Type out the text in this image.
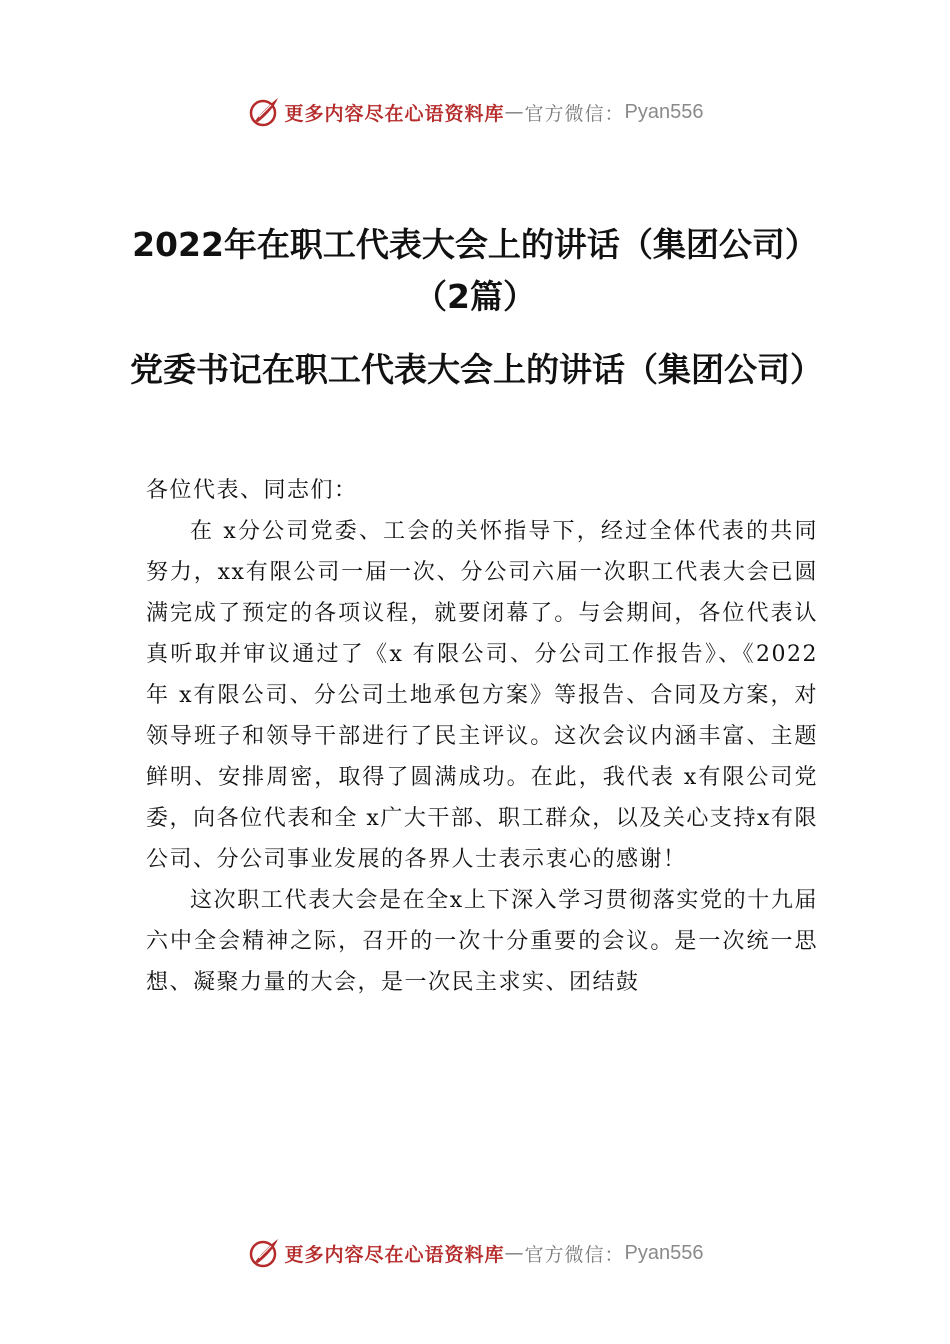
更多内容尽在心语资料库 — 官方微信： Pyan556
2022年在职工代表大会上的讲话（集团公司）（2篇）
党委书记在职工代表大会上的讲话（集团公司）

各位代表、同志们：

在 x分公司党委、工会的关怀指导下，经过全体代表的共同努力，xx有限公司一届一次、分公司六届一次职工代表大会已圆满完成了预定的各项议程，就要闭幕了。与会期间，各位代表认真听取并审议通过了《x 有限公司、分公司工作报告》、《2022年 x有限公司、分公司土地承包方案》等报告、合同及方案，对领导班子和领导干部进行了民主评议。这次会议内涵丰富、主题鲜明、安排周密，取得了圆满成功。在此，我代表 x有限公司党委，向各位代表和全 x广大干部、职工群众，以及关心支持x有限公司、分公司事业发展的各界人士表示衷心的感谢！

这次职工代表大会是在全x上下深入学习贯彻落实党的十九届六中全会精神之际，召开的一次十分重要的会议。是一次统一思想、凝聚力量的大会，是一次民主求实、团结鼓

更多内容尽在心语资料库 — 官方微信： Pyan556
